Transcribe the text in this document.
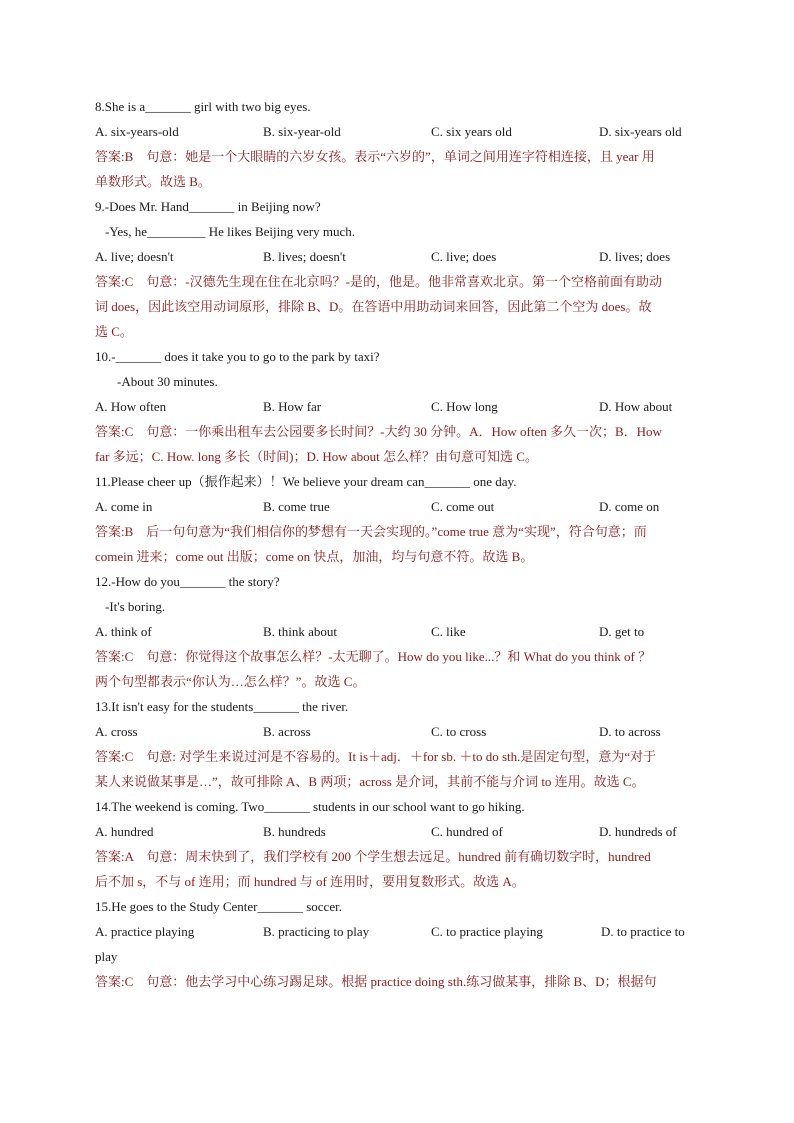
8.She is a_______ girl with two big eyes.

A. six-years-old	B. six-year-old	C. six years old	D. six-years old

答案:B　句意：她是一个大眼睛的六岁女孩。表示“六岁的”，单词之间用连字符相连接，且 year 用

单数形式。故选 B。

9.-Does Mr. Hand_______ in Beijing now?

-Yes, he_________ He likes Beijing very much.

A. live; doesn't	B. lives; doesn't	C. live; does	D. lives; does

答案:C　句意：-汉德先生现在住在北京吗？-是的，他是。他非常喜欢北京。第一个空格前面有助动

词 does，因此该空用动词原形，排除 B、D。在答语中用助动词来回答，因此第二个空为 does。故

选 C。

10.-_______ does it take you to go to the park by taxi?

-About 30 minutes.

A. How often	B. How far	C. How long	D. How about

答案:C　句意：一你乘出租车去公园要多长时间？-大约 30 分钟。A．How often 多久一次；B．How

far 多远；C. How. long 多长（时间)；D. How about 怎么样？由句意可知选 C。

11.Please cheer up（振作起来）！We believe your dream can_______ one day.

A. come in	B. come true	C. come out	D. come on

答案:B　后一句句意为“我们相信你的梦想有一天会实现的。”come true 意为“实现”，符合句意；而

comein 进来；come out 出版；come on 快点，加油，均与句意不符。故选 B。

12.-How do you_______ the story?

-It's boring.

A. think of	B. think about	C. like	D. get to

答案:C　句意：你觉得这个故事怎么样？-太无聊了。How do you like...？和 What do you think of ？

两个句型都表示“你认为…怎么样？”。故选 C。

13.It isn't easy for the students_______ the river.

A. cross	B. across	C. to cross	D. to across

答案:C　句意: 对学生来说过河是不容易的。It is＋adj．＋for sb. ＋to do sth.是固定句型，意为“对于

某人来说做某事是…”，故可排除 A、B 两项；across 是介词，其前不能与介词 to 连用。故选 C。

14.The weekend is coming. Two_______ students in our school want to go hiking.

A. hundred	B. hundreds	C. hundred of	D. hundreds of

答案:A　句意：周末快到了，我们学校有 200 个学生想去远足。hundred 前有确切数字时，hundred

后不加 s，不与 of 连用；而 hundred 与 of 连用时，要用复数形式。故选 A。

15.He goes to the Study Center_______ soccer.

A. practice playing	B. practicing to play	C. to practice playing	D. to practice to

play

答案:C　句意：他去学习中心练习踢足球。根据 practice doing sth.练习做某事，排除 B、D；根据句
